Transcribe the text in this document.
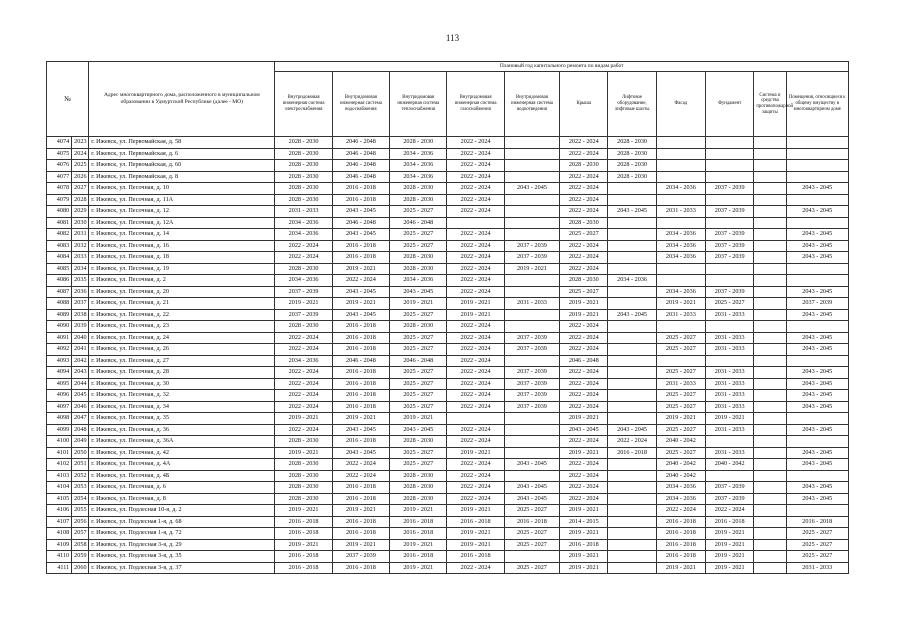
113
№		Адрес многоквартирного дома, расположенного в муниципальном образовании в Удмуртской Республике (далее - МО)	Плановый год капитального ремонта по видам работ										
			Внутридомовая инженерная система электроснабжения	Внутридомовая инженерная система водоснабжения	Внутридомовая инженерная система теплоснабжения	Внутридомовая инженерная система газоснабжения	Внутридомовая инженерная система водоотведения	Крыша	Лифтовое оборудование, лифтовые шахты	Фасад	Фундамент	Система и средства противопожарной защиты	Помещения, относящиеся к общему имуществу в многоквартирном доме
4074	2023	г. Ижевск, ул. Первомайская, д. 58	2028 - 2030	2046 - 2048	2028 - 2030	2022 - 2024		2022 - 2024	2028 - 2030				
4075	2024	г. Ижевск, ул. Первомайская, д. 6	2028 - 2030	2046 - 2048	2034 - 2036	2022 - 2024		2022 - 2024	2028 - 2030				
4076	2025	г. Ижевск, ул. Первомайская, д. 60	2028 - 2030	2046 - 2048	2034 - 2036	2022 - 2024		2028 - 2030	2028 - 2030				
4077	2026	г. Ижевск, ул. Первомайская, д. 8	2028 - 2030	2046 - 2048	2034 - 2036	2022 - 2024		2022 - 2024	2028 - 2030				
4078	2027	г. Ижевск, ул. Песочная, д. 10	2028 - 2030	2016 - 2018	2028 - 2030	2022 - 2024	2043 - 2045	2022 - 2024		2034 - 2036	2037 - 2039		2043 - 2045
4079	2028	г. Ижевск, ул. Песочная, д. 11А	2028 - 2030	2016 - 2018	2028 - 2030	2022 - 2024		2022 - 2024					
4080	2029	г. Ижевск, ул. Песочная, д. 12	2031 - 2033	2043 - 2045	2025 - 2027	2022 - 2024		2022 - 2024	2043 - 2045	2031 - 2033	2037 - 2039		2043 - 2045
4081	2030	г. Ижевск, ул. Песочная, д. 12А	2034 - 2036	2046 - 2048	2046 - 2048			2028 - 2030					
4082	2031	г. Ижевск, ул. Песочная, д. 14	2034 - 2036	2043 - 2045	2025 - 2027	2022 - 2024		2025 - 2027		2034 - 2036	2037 - 2039		2043 - 2045
4083	2032	г. Ижевск, ул. Песочная, д. 16	2022 - 2024	2016 - 2018	2025 - 2027	2022 - 2024	2037 - 2039	2022 - 2024		2034 - 2036	2037 - 2039		2043 - 2045
4084	2033	г. Ижевск, ул. Песочная, д. 18	2022 - 2024	2016 - 2018	2028 - 2030	2022 - 2024	2037 - 2039	2022 - 2024		2034 - 2036	2037 - 2039		2043 - 2045
4085	2034	г. Ижевск, ул. Песочная, д. 19	2028 - 2030	2019 - 2021	2028 - 2030	2022 - 2024	2019 - 2021	2022 - 2024					
4086	2035	г. Ижевск, ул. Песочная, д. 2	2034 - 2036	2022 - 2024	2034 - 2036	2022 - 2024		2028 - 2030	2034 - 2036				
4087	2036	г. Ижевск, ул. Песочная, д. 20	2037 - 2039	2043 - 2045	2043 - 2045	2022 - 2024		2025 - 2027		2034 - 2036	2037 - 2039		2043 - 2045
4088	2037	г. Ижевск, ул. Песочная, д. 21	2019 - 2021	2019 - 2021	2019 - 2021	2019 - 2021	2031 - 2033	2019 - 2021		2019 - 2021	2025 - 2027		2037 - 2039
4089	2038	г. Ижевск, ул. Песочная, д. 22	2037 - 2039	2043 - 2045	2025 - 2027	2019 - 2021		2019 - 2021	2043 - 2045	2031 - 2033	2031 - 2033		2043 - 2045
4090	2039	г. Ижевск, ул. Песочная, д. 23	2028 - 2030	2016 - 2018	2028 - 2030	2022 - 2024		2022 - 2024					
4091	2040	г. Ижевск, ул. Песочная, д. 24	2022 - 2024	2016 - 2018	2025 - 2027	2022 - 2024	2037 - 2039	2022 - 2024		2025 - 2027	2031 - 2033		2043 - 2045
4092	2041	г. Ижевск, ул. Песочная, д. 26	2022 - 2024	2016 - 2018	2025 - 2027	2022 - 2024	2037 - 2039	2022 - 2024		2025 - 2027	2031 - 2033		2043 - 2045
4093	2042	г. Ижевск, ул. Песочная, д. 27	2034 - 2036	2046 - 2048	2046 - 2048	2022 - 2024		2046 - 2048					
4094	2043	г. Ижевск, ул. Песочная, д. 28	2022 - 2024	2016 - 2018	2025 - 2027	2022 - 2024	2037 - 2039	2022 - 2024		2025 - 2027	2031 - 2033		2043 - 2045
4095	2044	г. Ижевск, ул. Песочная, д. 30	2022 - 2024	2016 - 2018	2025 - 2027	2022 - 2024	2037 - 2039	2022 - 2024		2031 - 2033	2031 - 2033		2043 - 2045
4096	2045	г. Ижевск, ул. Песочная, д. 32	2022 - 2024	2016 - 2018	2025 - 2027	2022 - 2024	2037 - 2039	2022 - 2024		2025 - 2027	2031 - 2033		2043 - 2045
4097	2046	г. Ижевск, ул. Песочная, д. 34	2022 - 2024	2016 - 2018	2025 - 2027	2022 - 2024	2037 - 2039	2022 - 2024		2025 - 2027	2031 - 2033		2043 - 2045
4098	2047	г. Ижевск, ул. Песочная, д. 35	2019 - 2021	2019 - 2021	2019 - 2021			2019 - 2021		2019 - 2021	2019 - 2021		
4099	2048	г. Ижевск, ул. Песочная, д. 36	2022 - 2024	2043 - 2045	2043 - 2045	2022 - 2024		2043 - 2045	2043 - 2045	2025 - 2027	2031 - 2033		2043 - 2045
4100	2049	г. Ижевск, ул. Песочная, д. 36А	2028 - 2030	2016 - 2018	2028 - 2030	2022 - 2024		2022 - 2024	2022 - 2024	2040 - 2042			
4101	2050	г. Ижевск, ул. Песочная, д. 42	2019 - 2021	2043 - 2045	2025 - 2027	2019 - 2021		2019 - 2021	2016 - 2018	2025 - 2027	2031 - 2033		2043 - 2045
4102	2051	г. Ижевск, ул. Песочная, д. 4А	2028 - 2030	2022 - 2024	2025 - 2027	2022 - 2024	2043 - 2045	2022 - 2024		2040 - 2042	2040 - 2042		2043 - 2045
4103	2052	г. Ижевск, ул. Песочная, д. 4Б	2028 - 2030	2022 - 2024	2028 - 2030	2022 - 2024		2022 - 2024		2040 - 2042			
4104	2053	г. Ижевск, ул. Песочная, д. 6	2028 - 2030	2016 - 2018	2028 - 2030	2022 - 2024	2043 - 2045	2022 - 2024		2034 - 2036	2037 - 2039		2043 - 2045
4105	2054	г. Ижевск, ул. Песочная, д. 8	2028 - 2030	2016 - 2018	2028 - 2030	2022 - 2024	2043 - 2045	2022 - 2024		2034 - 2036	2037 - 2039		2043 - 2045
4106	2055	г. Ижевск, ул. Подлесная 10-я, д. 2	2019 - 2021	2019 - 2021	2019 - 2021	2019 - 2021	2025 - 2027	2019 - 2021		2022 - 2024	2022 - 2024		
4107	2056	г. Ижевск, ул. Подлесная 1-я, д. 68	2016 - 2018	2016 - 2018	2016 - 2018	2016 - 2018	2016 - 2018	2014 - 2015		2016 - 2018	2016 - 2018		2016 - 2018
4108	2057	г. Ижевск, ул. Подлесная 1-я, д. 72	2016 - 2018	2016 - 2018	2016 - 2018	2019 - 2021	2025 - 2027	2019 - 2021		2016 - 2018	2019 - 2021		2025 - 2027
4109	2058	г. Ижевск, ул. Подлесная 3-я, д. 29	2019 - 2021	2019 - 2021	2019 - 2021	2019 - 2021	2025 - 2027	2016 - 2018		2016 - 2018	2019 - 2021		2025 - 2027
4110	2059	г. Ижевск, ул. Подлесная 3-я, д. 35	2016 - 2018	2037 - 2039	2016 - 2018	2016 - 2018		2019 - 2021		2016 - 2018	2019 - 2021		2025 - 2027
4111	2060	г. Ижевск, ул. Подлесная 3-я, д. 37	2016 - 2018	2016 - 2018	2019 - 2021	2022 - 2024	2025 - 2027	2019 - 2021		2019 - 2021	2019 - 2021		2031 - 2033
